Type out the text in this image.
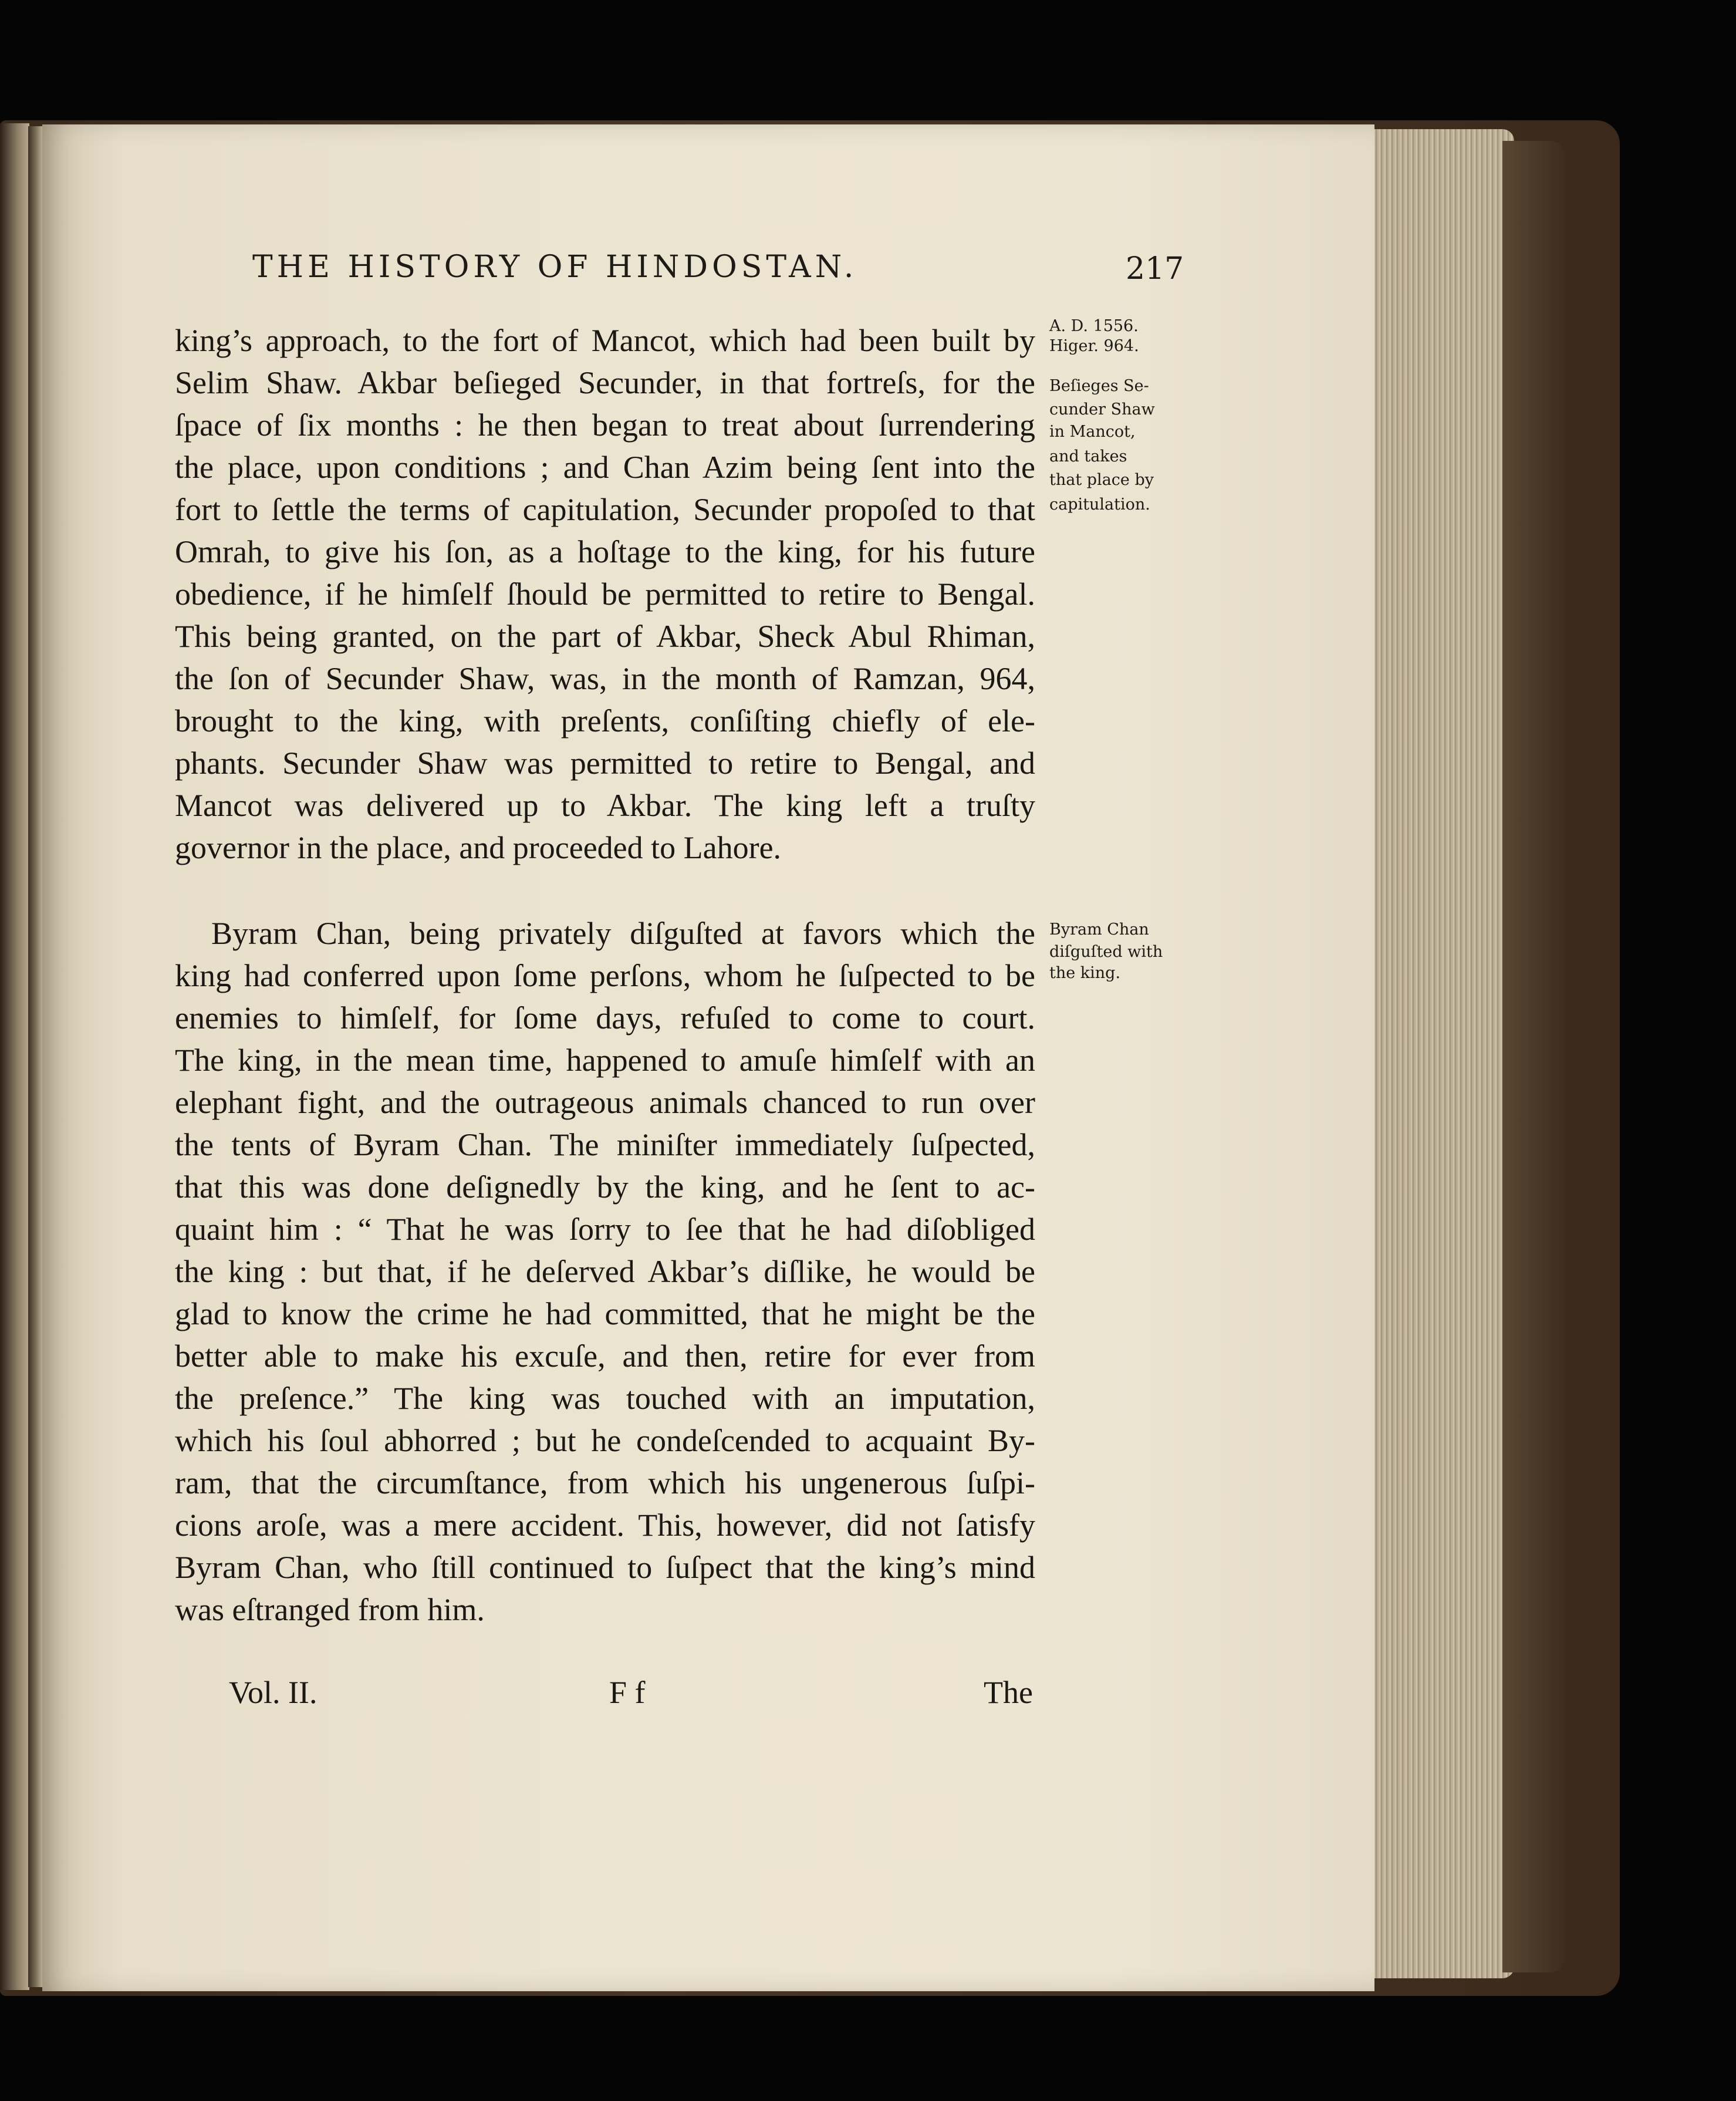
THE HISTORY OF HINDOSTAN.	217
king’s approach, to the fort of Mancot, which had been built by
Selim Shaw. Akbar beſieged Secunder, in that fortreſs, for the
ſpace of ſix months : he then began to treat about ſurrendering
the place, upon conditions ; and Chan Azim being ſent into the
fort to ſettle the terms of capitulation, Secunder propoſed to that
Omrah, to give his ſon, as a hoſtage to the king, for his future
obedience, if he himſelf ſhould be permitted to retire to Bengal.
This being granted, on the part of Akbar, Sheck Abul Rhiman,
the ſon of Secunder Shaw, was, in the month of Ramzan, 964,
brought to the king, with preſents, conſiſting chiefly of ele-
phants. Secunder Shaw was permitted to retire to Bengal, and
Mancot was delivered up to Akbar. The king left a truſty
governor in the place, and proceeded to Lahore.
Byram Chan, being privately diſguſted at favors which the
king had conferred upon ſome perſons, whom he ſuſpected to be
enemies to himſelf, for ſome days, refuſed to come to court.
The king, in the mean time, happened to amuſe himſelf with an
elephant fight, and the outrageous animals chanced to run over
the tents of Byram Chan. The miniſter immediately ſuſpected,
that this was done deſignedly by the king, and he ſent to ac-
quaint him : “ That he was ſorry to ſee that he had diſobliged
the king : but that, if he deſerved Akbar’s diſlike, he would be
glad to know the crime he had committed, that he might be the
better able to make his excuſe, and then, retire for ever from
the preſence.” The king was touched with an imputation,
which his ſoul abhorred ; but he condeſcended to acquaint By-
ram, that the circumſtance, from which his ungenerous ſuſpi-
cions aroſe, was a mere accident. This, however, did not ſatisfy
Byram Chan, who ſtill continued to ſuſpect that the king’s mind
was eſtranged from him.
A. D. 1556.
Higer. 964.
Beſieges Se-
cunder Shaw
in Mancot,
and takes
that place by
capitulation.
Byram Chan
diſguſted with
the king.
Vol. II.	F f	The
